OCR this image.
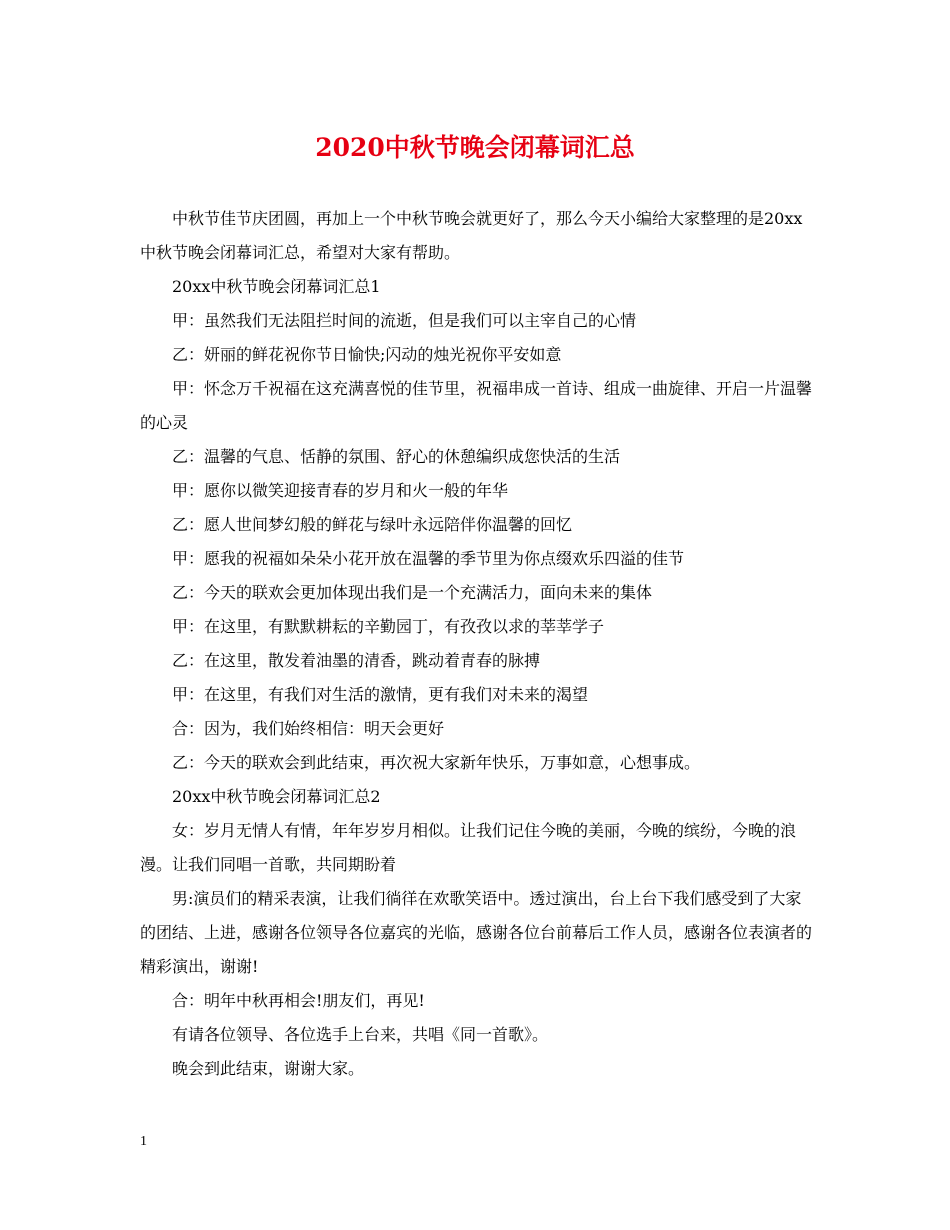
2020中秋节晚会闭幕词汇总

中秋节佳节庆团圆，再加上一个中秋节晚会就更好了，那么今天小编给大家整理的是20xx中秋节晚会闭幕词汇总，希望对大家有帮助。

20xx中秋节晚会闭幕词汇总1

甲：虽然我们无法阻拦时间的流逝，但是我们可以主宰自己的心情

乙：妍丽的鲜花祝你节日愉快;闪动的烛光祝你平安如意

甲：怀念万千祝福在这充满喜悦的佳节里，祝福串成一首诗、组成一曲旋律、开启一片温馨的心灵

乙：温馨的气息、恬静的氛围、舒心的休憩编织成您快活的生活

甲：愿你以微笑迎接青春的岁月和火一般的年华

乙：愿人世间梦幻般的鲜花与绿叶永远陪伴你温馨的回忆

甲：愿我的祝福如朵朵小花开放在温馨的季节里为你点缀欢乐四溢的佳节

乙：今天的联欢会更加体现出我们是一个充满活力，面向未来的集体

甲：在这里，有默默耕耘的辛勤园丁，有孜孜以求的莘莘学子

乙：在这里，散发着油墨的清香，跳动着青春的脉搏

甲：在这里，有我们对生活的激情，更有我们对未来的渴望

合：因为，我们始终相信：明天会更好

乙：今天的联欢会到此结束，再次祝大家新年快乐，万事如意，心想事成。

20xx中秋节晚会闭幕词汇总2

女：岁月无情人有情，年年岁岁月相似。让我们记住今晚的美丽，今晚的缤纷，今晚的浪漫。让我们同唱一首歌，共同期盼着

男:演员们的精采表演，让我们徜徉在欢歌笑语中。透过演出，台上台下我们感受到了大家的团结、上进，感谢各位领导各位嘉宾的光临，感谢各位台前幕后工作人员，感谢各位表演者的精彩演出，谢谢!

合：明年中秋再相会!朋友们，再见!

有请各位领导、各位选手上台来，共唱《同一首歌》。

晚会到此结束，谢谢大家。

1
